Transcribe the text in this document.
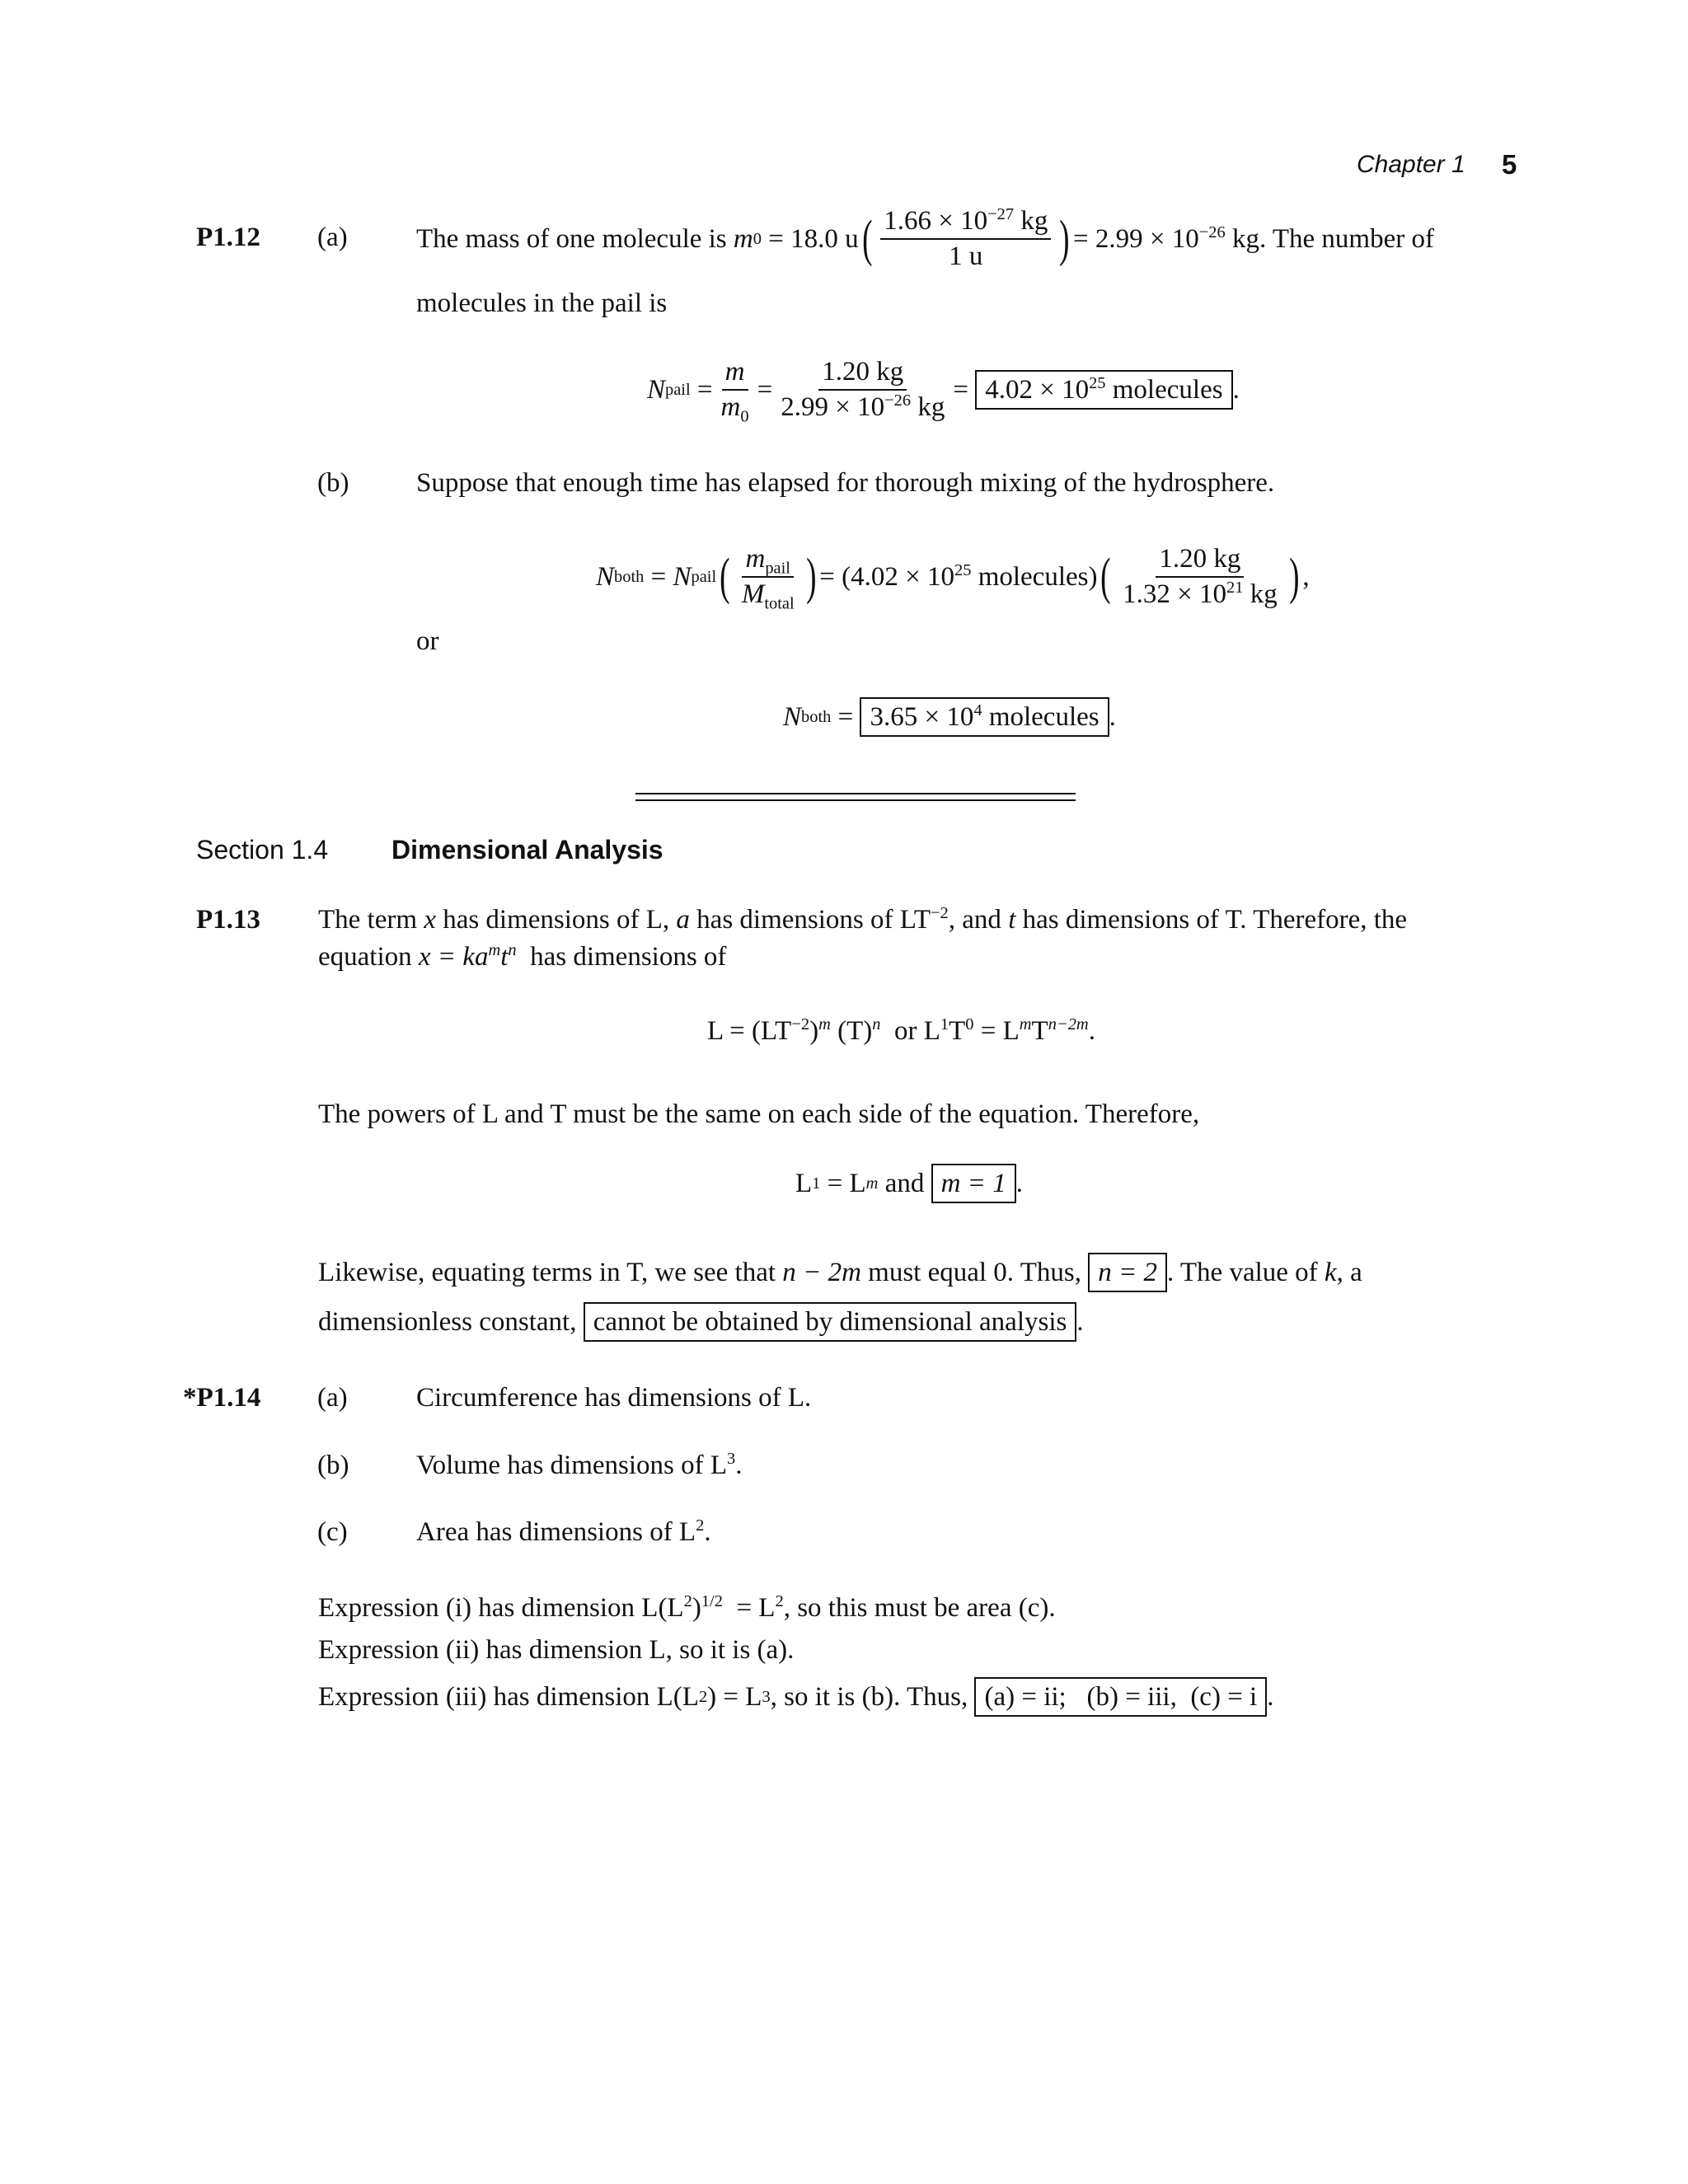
Chapter 1 5
P1.12 (a)	The mass of one molecule is
m 0
= 18.0 u ( $\frac{1.66 \times 10^{-27} kg}{1 u}$ ) = $2.99 \times 10^{-26}$ kg . The number of
molecules in the pail is
N pail
= $\frac{m}{m_0} = \frac{1.20 kg}{2.99 \times 10^{-26} kg}$ =
$4.02 \times 10^{25}$ molecules .
(b) Suppose that enough time has elapsed for thorough mixing of the hydrosphere.
N both
=
N pail ( $\frac{m_{pail}}{M_{total}}$ ) = ($4.02 \times 10^{25}$ molecules) ( $\frac{1.20 kg}{1.32 \times 10^{21} kg}$ ) ,
or
N both
=
$3.65 \times 10^4$ molecules .
Section 1.4 Dimensional Analysis
P1.13 The term x has dimensions of L, a has dimensions of $LT^{-2}$, and t has dimensions of T. Therefore, the
equation $x = ka^mt^n$ has dimensions of
$L = (LT^{-2})^m$ $(T)^n$ or $L^1T^0 = L^mT^{n-2m}$.
The powers of L and T must be the same on each side of the equation. Therefore,
L 1
= L m
and
m = 1 .
Likewise, equating terms in T, we see that
n − 2m
must equal 0. Thus,
n = 2 . The value of
k , a
dimensionless constant,
cannot be obtained by dimensional analysis .
*P1.14 (a)	Circumference has dimensions of L.
(b) Volume has dimensions of $L^3$.
(c)	Area has dimensions of $L^2$.
Expression (i) has dimension $L(L^2)^{1/2} = L^2$, so this must be area (c).
Expression (ii) has dimension L, so it is (a).
Expression (iii) has dimension L (L 2 )
= L 3 , so it is (b). Thus,
(a) = ii;   (b) = iii,  (c) = i .
